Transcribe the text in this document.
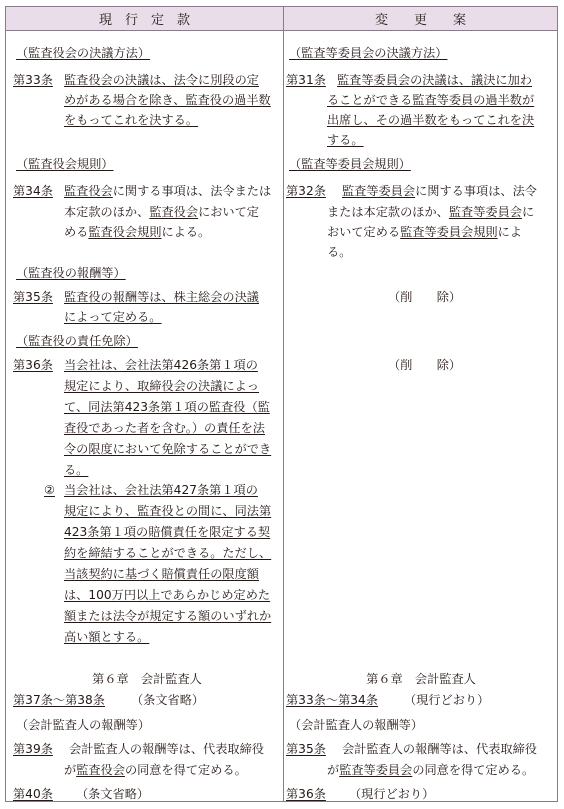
現　行　定　款	変　　更　　案
（監査役会の決議方法）
第33条 監査役会の決議は、法令に別段の定
めがある場合を除き、監査役の過半数
をもってこれを決する。
（監査役会規則）
第34条 監査役会に関する事項は、法令または
本定款のほか、監査役会において定
める監査役会規則による。
（監査役の報酬等）
第35条 監査役の報酬等は、株主総会の決議
によって定める。
（監査役の責任免除）
第36条 当会社は、会社法第426条第１項の
規定により、取締役会の決議によっ
て、同法第423条第１項の監査役（監
査役であった者を含む。）の責任を法
令の限度において免除することができ
る。
② 当会社は、会社法第427条第１項の
規定により、監査役との間に、同法第
423条第１項の賠償責任を限定する契
約を締結することができる。ただし、
当該契約に基づく賠償責任の限度額
は、100万円以上であらかじめ定めた
額または法令が規定する額のいずれか
高い額とする。
第６章　会計監査人
第37条～第38条 （条文省略）
（会計監査人の報酬等）
第39条 会計監査人の報酬等は、代表取締役
が監査役会の同意を得て定める。
第40条 （条文省略）
（監査等委員会の決議方法）
第31条 監査等委員会の決議は、議決に加わ
ることができる監査等委員の過半数が
出席し、その過半数をもってこれを決
する。
（監査等委員会規則）
第32条 監査等委員会に関する事項は、法令
または本定款のほか、監査等委員会に
おいて定める監査等委員会規則によ
る。
（削　　除）
（削　　除）
第６章　会計監査人
第33条～第34条 （現行どおり）
（会計監査人の報酬等）
第35条 会計監査人の報酬等は、代表取締役
が監査等委員会の同意を得て定める。
第36条 （現行どおり）
